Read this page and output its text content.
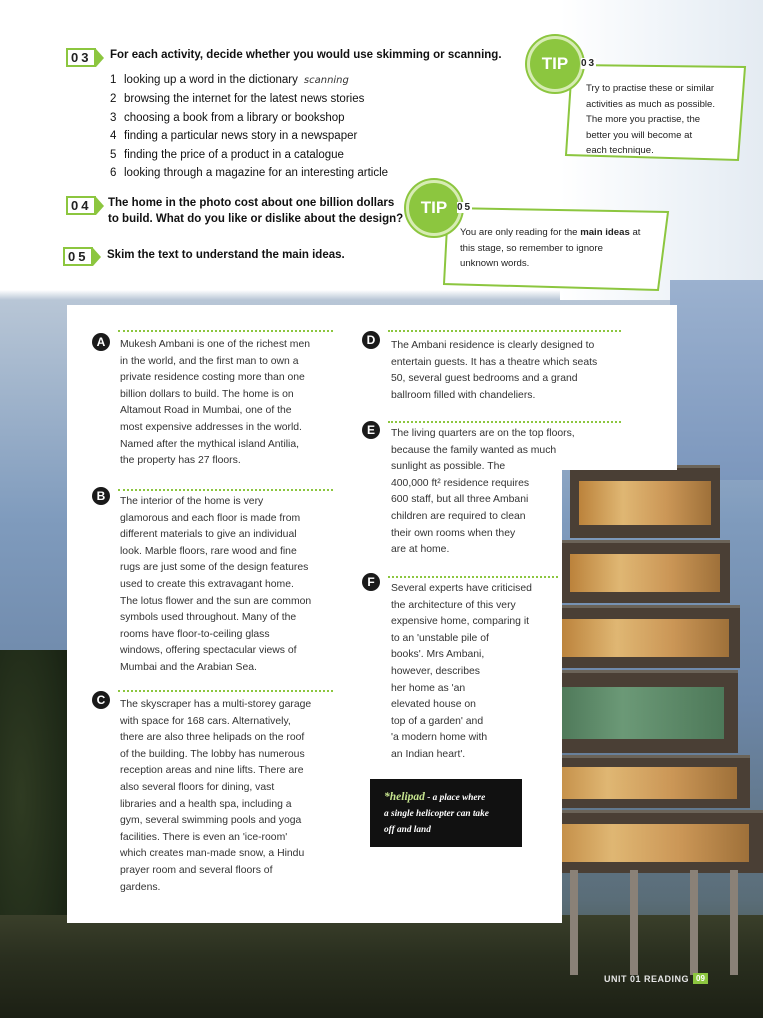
03	For each activity, decide whether you would use skimming or scanning.
1 looking up a word in the dictionary scanning
2 browsing the internet for the latest news stories
3 choosing a book from a library or bookshop
4 finding a particular news story in a newspaper
5 finding the price of a product in a catalogue
6 looking through a magazine for an interesting article
04	The home in the photo cost about one billion dollars
to build. What do you like or dislike about the design?
05	Skim the text to understand the main ideas.
TIP	03
Try to practise these or similar
activities as much as possible.
The more you practise, the
better you will become at
each technique.
TIP 05
You are only reading for the main ideas at
this stage, so remember to ignore
unknown words.
A	Mukesh Ambani is one of the richest men
in the world, and the first man to own a
private residence costing more than one
billion dollars to build. The home is on
Altamout Road in Mumbai, one of the
most expensive addresses in the world.
Named after the mythical island Antilia,
the property has 27 floors.
B	The interior of the home is very
glamorous and each floor is made from
different materials to give an individual
look. Marble floors, rare wood and fine
rugs are just some of the design features
used to create this extravagant home.
The lotus flower and the sun are common
symbols used throughout. Many of the
rooms have floor-to-ceiling glass
windows, offering spectacular views of
Mumbai and the Arabian Sea.
C	The skyscraper has a multi-storey garage
with space for 168 cars. Alternatively,
there are also three helipads on the roof
of the building. The lobby has numerous
reception areas and nine lifts. There are
also several floors for dining, vast
libraries and a health spa, including a
gym, several swimming pools and yoga
facilities. There is even an 'ice-room'
which creates man-made snow, a Hindu
prayer room and several floors of
gardens.
D	The Ambani residence is clearly designed to
entertain guests. It has a theatre which seats
50, several guest bedrooms and a grand
ballroom filled with chandeliers.
E	The living quarters are on the top floors,
because the family wanted as much
sunlight as possible. The
400,000 ft² residence requires
600 staff, but all three Ambani
children are required to clean
their own rooms when they
are at home.
F	Several experts have criticised
the architecture of this very
expensive home, comparing it
to an 'unstable pile of
books'. Mrs Ambani,
however, describes
her home as 'an
elevated house on
top of a garden' and
'a modern home with
an Indian heart'.
*helipad - a place where
a single helicopter can take
off and land
UNIT 01 READING 09
